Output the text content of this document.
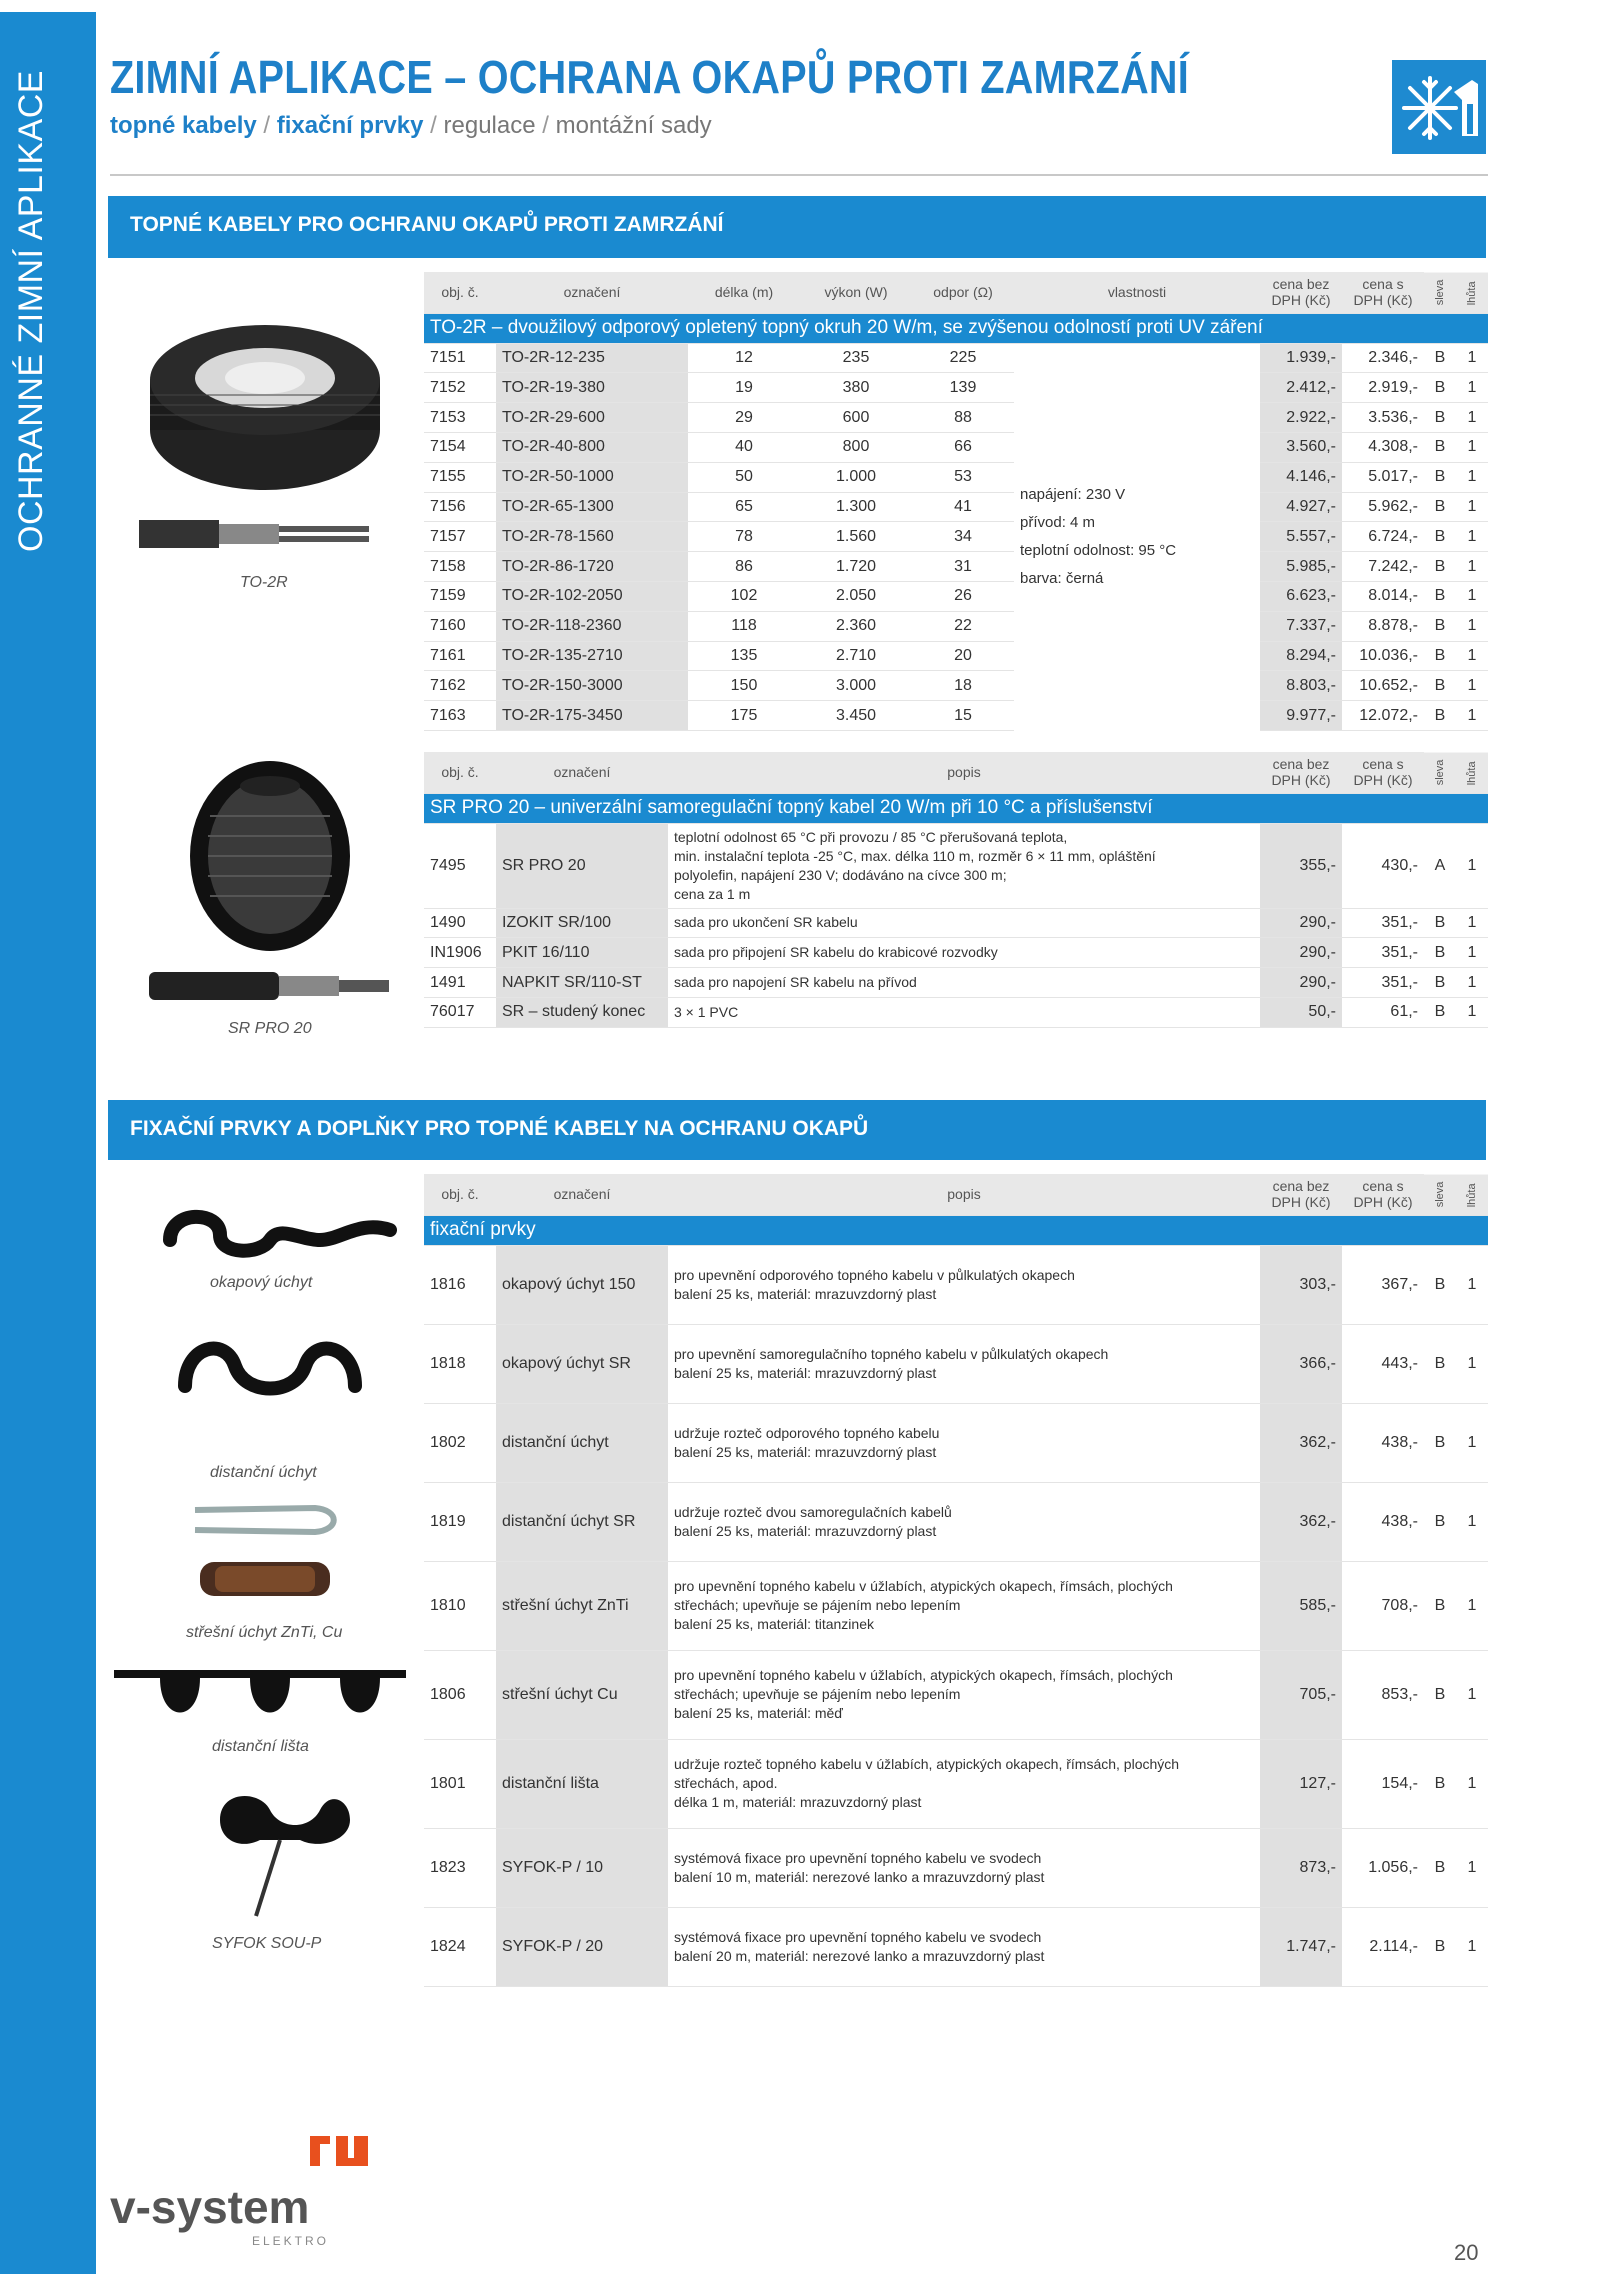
OCHRANNÉ ZIMNÍ APLIKACE ZIMNÍ APLIKACE – OCHRANA OKAPŮ PROTI ZAMRZÁNÍ
topné kabely / fixační prvky / regulace / montážní sady
TOPNÉ KABELY PRO OCHRANU OKAPŮ PROTI ZAMRZÁNÍ
TO-2R
SR PRO 20
obj. č.	označení	délka (m)	výkon (W)	odpor (Ω)	vlastnosti	cena bez DPH (Kč)	cena s DPH (Kč)	sleva	lhůta
TO-2R – dvoužilový odporový opletený topný okruh 20 W/m, se zvýšenou odolností proti UV záření									
7151	TO-2R-12-235	12	235	225	napájení: 230 V
přívod: 4 m
teplotní odolnost: 95 °C
barva: černá	1.939,-	2.346,-	B	1
7152	TO-2R-19-380	19	380	139		2.412,-	2.919,-	B	1
7153	TO-2R-29-600	29	600	88		2.922,-	3.536,-	B	1
7154	TO-2R-40-800	40	800	66		3.560,-	4.308,-	B	1
7155	TO-2R-50-1000	50	1.000	53		4.146,-	5.017,-	B	1
7156	TO-2R-65-1300	65	1.300	41		4.927,-	5.962,-	B	1
7157	TO-2R-78-1560	78	1.560	34		5.557,-	6.724,-	B	1
7158	TO-2R-86-1720	86	1.720	31		5.985,-	7.242,-	B	1
7159	TO-2R-102-2050	102	2.050	26		6.623,-	8.014,-	B	1
7160	TO-2R-118-2360	118	2.360	22		7.337,-	8.878,-	B	1
7161	TO-2R-135-2710	135	2.710	20		8.294,-	10.036,-	B	1
7162	TO-2R-150-3000	150	3.000	18		8.803,-	10.652,-	B	1
7163	TO-2R-175-3450	175	3.450	15		9.977,-	12.072,-	B	1
obj. č.	označení	popis	cena bez DPH (Kč)	cena s DPH (Kč)	sleva	lhůta
SR PRO 20 – univerzální samoregulační topný kabel 20 W/m při 10 °C a příslušenství						
7495	SR PRO 20	teplotní odolnost 65 °C při provozu / 85 °C přerušovaná teplota,
min. instalační teplota -25 °C, max. délka 110 m, rozměr 6 × 11 mm, opláštění
polyolefin, napájení 230 V; dodáváno na cívce 300 m;
cena za 1 m	355,-	430,-	A	1
1490	IZOKIT SR/100	sada pro ukončení SR kabelu	290,-	351,-	B	1
IN1906	PKIT 16/110	sada pro připojení SR kabelu do krabicové rozvodky	290,-	351,-	B	1
1491	NAPKIT SR/110-ST	sada pro napojení SR kabelu na přívod	290,-	351,-	B	1
76017	SR – studený konec	3 × 1 PVC	50,-	61,-	B	1
FIXAČNÍ PRVKY A DOPLŇKY PRO TOPNÉ KABELY NA OCHRANU OKAPŮ
okapový úchyt
distanční úchyt
střešní úchyt ZnTi, Cu
distanční lišta
SYFOK SOU-P
obj. č.	označení	popis	cena bez DPH (Kč)	cena s DPH (Kč)	sleva	lhůta
fixační prvky						
1816	okapový úchyt 150	pro upevnění odporového topného kabelu v půlkulatých okapech
balení 25 ks, materiál: mrazuvzdorný plast	303,-	367,-	B	1
1818	okapový úchyt SR	pro upevnění samoregulačního topného kabelu v půlkulatých okapech
balení 25 ks, materiál: mrazuvzdorný plast	366,-	443,-	B	1
1802	distanční úchyt	udržuje rozteč odporového topného kabelu
balení 25 ks, materiál: mrazuvzdorný plast	362,-	438,-	B	1
1819	distanční úchyt SR	udržuje rozteč dvou samoregulačních kabelů
balení 25 ks, materiál: mrazuvzdorný plast	362,-	438,-	B	1
1810	střešní úchyt ZnTi	pro upevnění topného kabelu v úžlabích, atypických okapech, římsách, plochých
střechách; upevňuje se pájením nebo lepením
balení 25 ks, materiál: titanzinek	585,-	708,-	B	1
1806	střešní úchyt Cu	pro upevnění topného kabelu v úžlabích, atypických okapech, římsách, plochých
střechách; upevňuje se pájením nebo lepením
balení 25 ks, materiál: měď	705,-	853,-	B	1
1801	distanční lišta	udržuje rozteč topného kabelu v úžlabích, atypických okapech, římsách, plochých
střechách, apod.
délka 1 m, materiál: mrazuvzdorný plast	127,-	154,-	B	1
1823	SYFOK-P / 10	systémová fixace pro upevnění topného kabelu ve svodech
balení 10 m, materiál: nerezové lanko a mrazuvzdorný plast	873,-	1.056,-	B	1
1824	SYFOK-P / 20	systémová fixace pro upevnění topného kabelu ve svodech
balení 20 m, materiál: nerezové lanko a mrazuvzdorný plast	1.747,-	2.114,-	B	1
v-system
ELEKTRO	20
